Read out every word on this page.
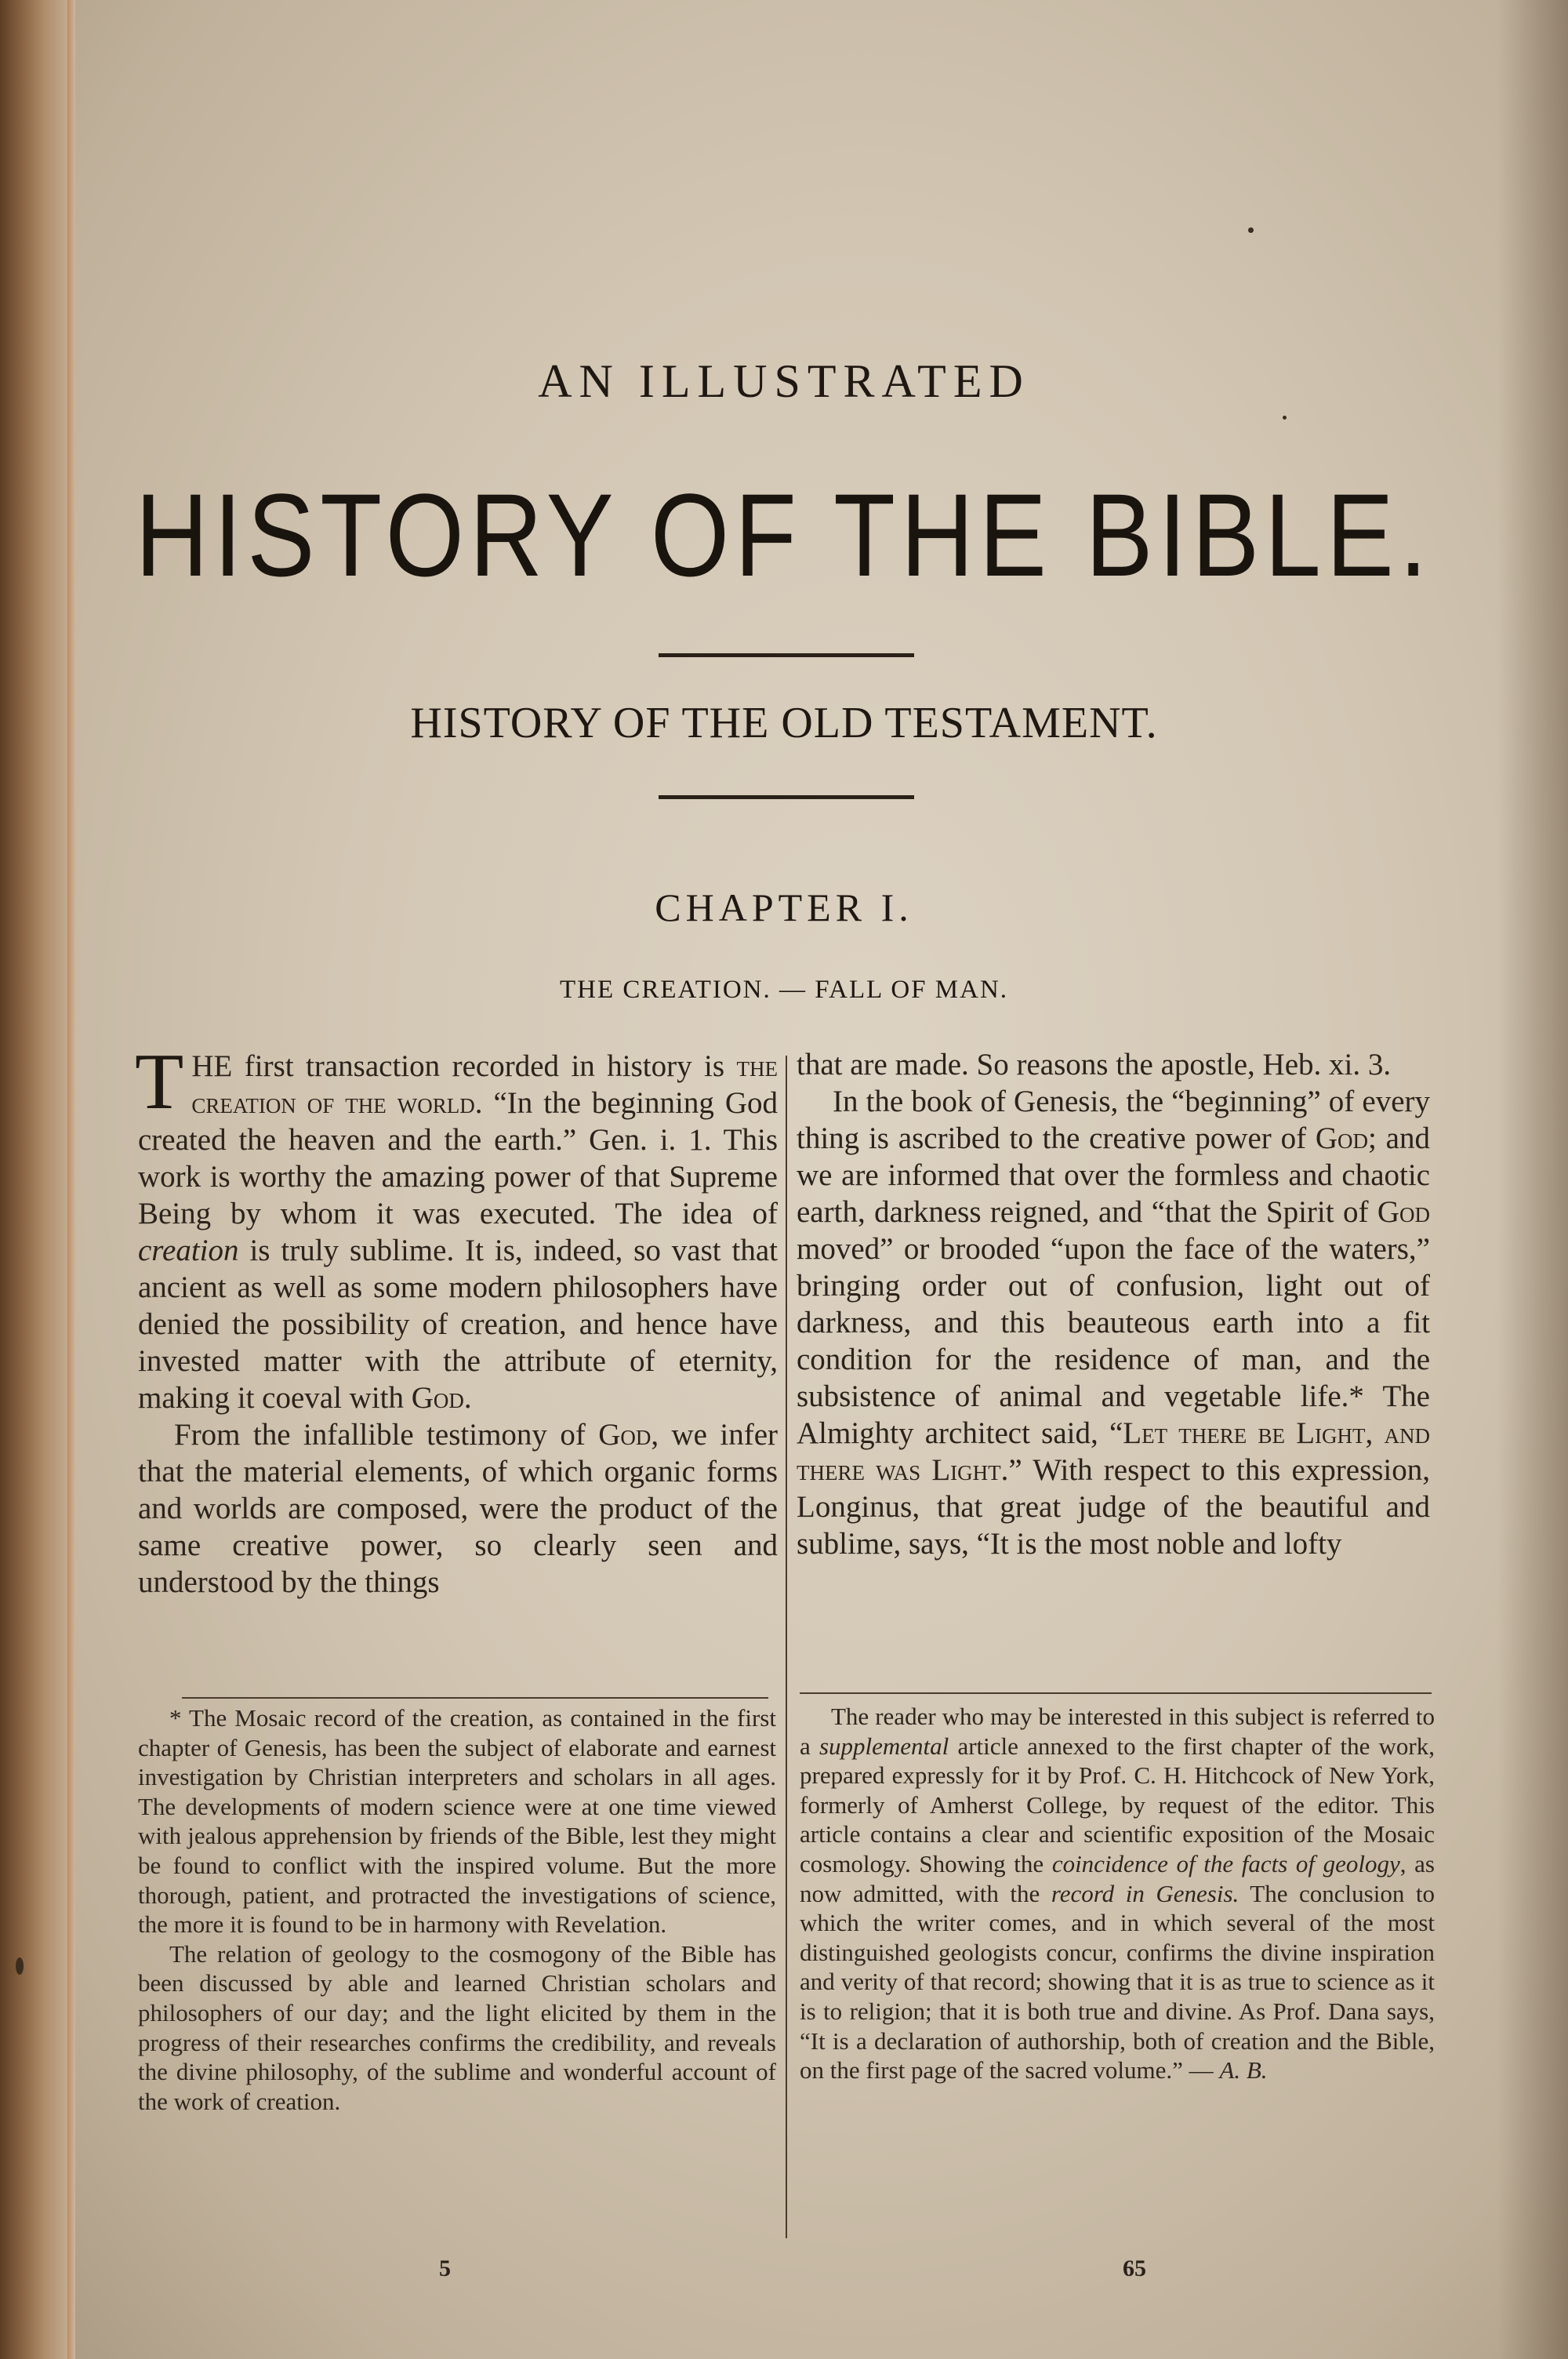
AN ILLUSTRATED
HISTORY OF THE BIBLE.
HISTORY OF THE OLD TESTAMENT.
CHAPTER I.
THE CREATION. — FALL OF MAN.

THE first transaction recorded in history is the creation of the world. “In the beginning God created the heaven and the earth.” Gen. i. 1. This work is worthy the amazing power of that Supreme Being by whom it was executed. The idea of creation is truly sublime. It is, indeed, so vast that ancient as well as some modern philosophers have denied the possibility of creation, and hence have invested matter with the attribute of eternity, making it coeval with God.

From the infallible testimony of God, we infer that the material elements, of which organic forms and worlds are composed, were the product of the same creative power, so clearly seen and understood by the things

that are made. So reasons the apostle, Heb. xi. 3.

In the book of Genesis, the “beginning” of every thing is ascribed to the creative power of God; and we are informed that over the formless and chaotic earth, darkness reigned, and “that the Spirit of God moved” or brooded “upon the face of the waters,” bringing order out of confusion, light out of darkness, and this beauteous earth into a fit condition for the residence of man, and the subsistence of animal and vegetable life.* The Almighty architect said, “Let there be Light, and there was Light.” With respect to this expression, Longinus, that great judge of the beautiful and sublime, says, “It is the most noble and lofty

* The Mosaic record of the creation, as contained in the first chapter of Genesis, has been the subject of elaborate and earnest investigation by Christian interpreters and scholars in all ages. The developments of modern science were at one time viewed with jealous apprehension by friends of the Bible, lest they might be found to conflict with the inspired volume. But the more thorough, patient, and protracted the investigations of science, the more it is found to be in harmony with Revelation.

The relation of geology to the cosmogony of the Bible has been discussed by able and learned Christian scholars and philosophers of our day; and the light elicited by them in the progress of their researches confirms the credibility, and reveals the divine philosophy, of the sublime and wonderful account of the work of creation.

The reader who may be interested in this subject is referred to a supplemental article annexed to the first chapter of the work, prepared expressly for it by Prof. C. H. Hitchcock of New York, formerly of Amherst College, by request of the editor. This article contains a clear and scientific exposition of the Mosaic cosmology. Showing the coincidence of the facts of geology, as now admitted, with the record in Genesis. The conclusion to which the writer comes, and in which several of the most distinguished geologists concur, confirms the divine inspiration and verity of that record; showing that it is as true to science as it is to religion; that it is both true and divine. As Prof. Dana says, “It is a declaration of authorship, both of creation and the Bible, on the first page of the sacred volume.” — A. B.

5	65
